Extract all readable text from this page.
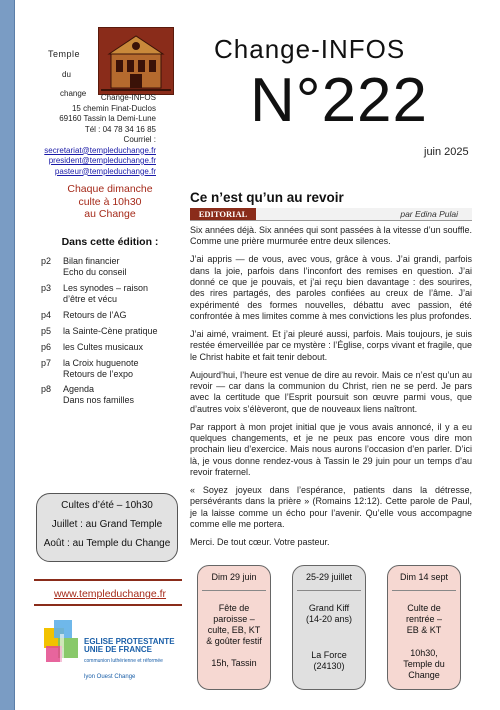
Temple
du
change	Change-INFOS
15 chemin Finat-Duclos
69160 Tassin la Demi-Lune
Tél : 04 78 34 16 85
Courriel :
secretariat@templeduchange.fr
president@templeduchange.fr
pasteur@templeduchange.fr
Change-INFOS
N°222
juin 2025
Chaque dimanche
culte à 10h30
au Change
Dans cette édition :
p2	Bilan financier
Echo du conseil
p3	Les synodes – raison
d’être et vécu
p4	Retours de l’AG
p5	la Sainte-Cène pratique
p6	les Cultes musicaux
p7	la Croix huguenote
Retours de l’expo
p8	Agenda
Dans nos familles
Cultes d’été – 10h30
Juillet : au Grand Temple
Août : au Temple du Change
www.templeduchange.fr
EGLISE PROTESTANTE
UNIE DE FRANCE
communion luthérienne et réformée
lyon Ouest Change
Ce n’est qu’un au revoir
EDITORIAL	par Edina Pulai

Six années déjà. Six années qui sont passées à la vitesse d’un souffle. Comme une prière murmurée entre deux silences.

J’ai appris — de vous, avec vous, grâce à vous. J’ai grandi, parfois dans la joie, parfois dans l’inconfort des remises en question. J’ai donné ce que je pouvais, et j’ai reçu bien davantage : des sourires, des rires partagés, des paroles confiées au creux de l’âme. J’ai expérimenté des formes nouvelles, débattu avec passion, été confrontée à mes limites comme à mes convictions les plus profondes.

J’ai aimé, vraiment. Et j’ai pleuré aussi, parfois. Mais toujours, je suis restée émerveillée par ce mystère : l’Église, corps vivant et fragile, que le Christ habite et fait tenir debout.

Aujourd’hui, l’heure est venue de dire au revoir. Mais ce n’est qu’un au revoir — car dans la communion du Christ, rien ne se perd. Je pars avec la certitude que l’Esprit poursuit son œuvre parmi vous, que d’autres voix s’élèveront, que de nouveaux liens naîtront.

Par rapport à mon projet initial que je vous avais annoncé, il y a eu quelques changements, et je ne peux pas encore vous dire mon prochain lieu d’exercice. Mais nous aurons l’occasion d’en parler. D’ici là, je vous donne rendez-vous à Tassin le 29 juin pour un temps d’au revoir fraternel.

« Soyez joyeux dans l’espérance, patients dans la détresse, persévérants dans la prière » (Romains 12:12). Cette parole de Paul, je la laisse comme un écho pour l’avenir. Qu’elle vous accompagne comme elle me portera.

Merci. De tout cœur. Votre pasteur.

Dim 29 juin
Fête de
paroisse –
culte, EB, KT
& goûter festif
15h, Tassin
25-29 juillet
Grand Kiff
(14-20 ans)
La Force
(24130)
Dim 14 sept
Culte de
rentrée –
EB & KT
10h30,
Temple du
Change
